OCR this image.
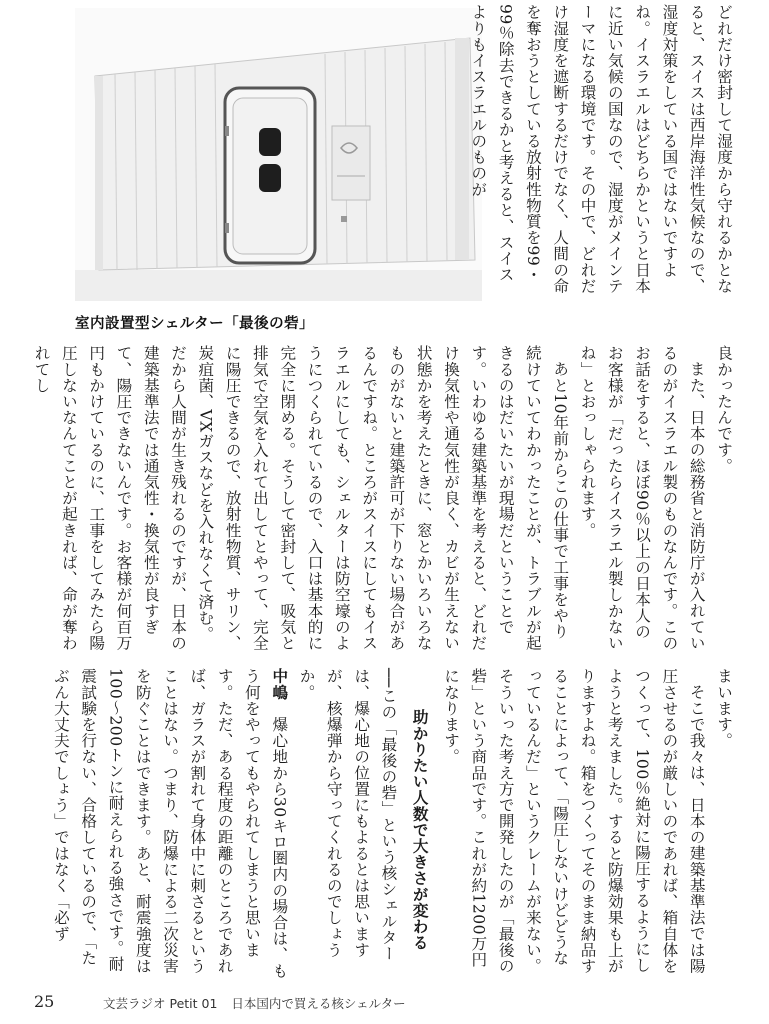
室内設置型シェルター「最後の砦」

どれだけ密封して湿度から守れるかとなると、スイスは西岸海洋性気候なので、湿度対策をしている国ではないですよね。イスラエルはどちらかというと日本に近い気候の国なので、湿度がメインテーマになる環境です。その中で、どれだけ湿度を遮断するだけでなく、人間の命を奪おうとしている放射性物質を99・99％除去できるかと考えると、スイスよりもイスラエルのものが

良かったんです。

また、日本の総務省と消防庁が入れているのがイスラエル製のものなんです。このお話をすると、ほぼ90％以上の日本人のお客様が「だったらイスラエル製しかないね」とおっしゃられます。

あと10年前からこの仕事で工事をやり続けていてわかったことが、トラブルが起きるのはだいたいが現場だということです。いわゆる建築基準を考えると、どれだけ換気性や通気性が良く、カビが生えない状態かを考えたときに、窓とかいろいろなものがないと建築許可が下りない場合があるんですね。ところがスイスにしてもイスラエルにしても、シェルターは防空壕のようにつくられているので、入口は基本的に完全に閉める。そうして密封して、吸気と排気で空気を入れて出してとやって、完全に陽圧できるので、放射性物質、サリン、炭疽菌、VXガスなどを入れなくて済む。だから人間が生き残れるのですが、日本の建築基準法では通気性・換気性が良すぎて、陽圧できないんです。お客様が何百万円もかけているのに、工事をしてみたら陽圧しないなんてことが起きれば、命が奪われてし

まいます。

そこで我々は、日本の建築基準法では陽圧させるのが厳しいのであれば、箱自体をつくって、100％絶対に陽圧するようにしようと考えました。すると防爆効果も上がりますよね。箱をつくってそのまま納品することによって、「陽圧しないけどどうなっているんだ」というクレームが来ない。そういった考え方で開発したのが「最後の砦」という商品です。これが約1200万円になります。

助かりたい人数で大きさが変わる

──この「最後の砦」という核シェルターは、爆心地の位置にもよるとは思いますが、核爆弾から守ってくれるのでしょうか。

中嶋　爆心地から30キロ圏内の場合は、もう何をやってもやられてしまうと思います。ただ、ある程度の距離のところであれば、ガラスが割れて身体中に刺さるということはない。つまり、防爆による二次災害を防ぐことはできます。あと、耐震強度は100～200トンに耐えられる強さです。耐震試験を行ない、合格しているので、「たぶん大丈夫でしょう」ではなく「必ず

25	文芸ラジオ Petit 01 日本国内で買える核シェルター
